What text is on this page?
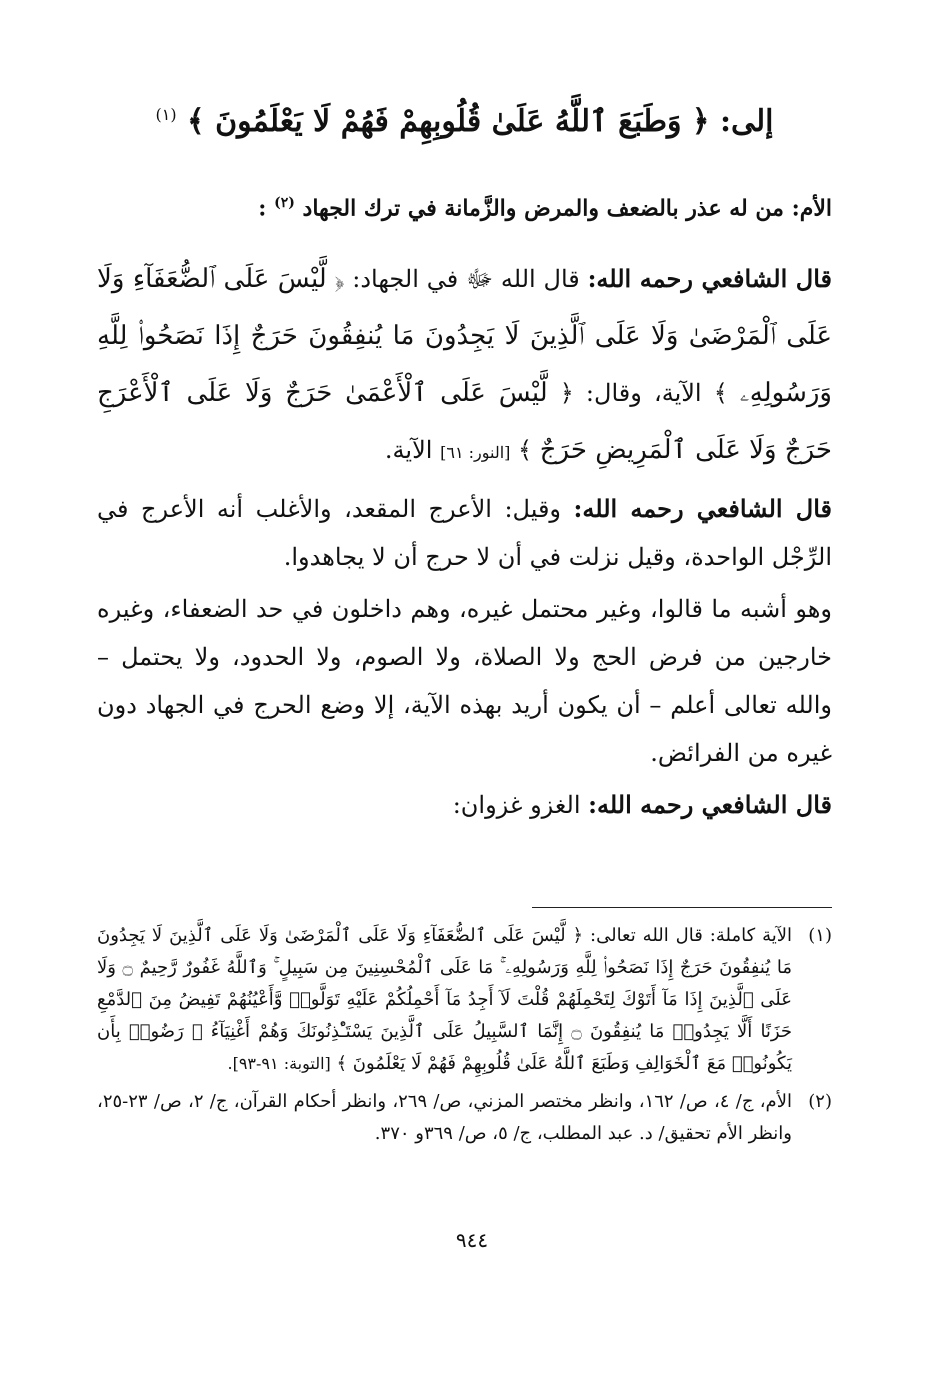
إلى: ﴿ وَطَبَعَ ٱللَّهُ عَلَىٰ قُلُوبِهِمْ فَهُمْ لَا يَعْلَمُونَ ﴾ $^{(١)}$
الأم: من له عذر بالضعف والمرض والزَّمانة في ترك الجهاد $^{(٢)}$ :

قال الشافعي رحمه الله: قال الله ﷻ في الجهاد: ﴿ لَّيْسَ عَلَى ٱلضُّعَفَآءِ وَلَا عَلَى ٱلْمَرْضَىٰ وَلَا عَلَى ٱلَّذِينَ لَا يَجِدُونَ مَا يُنفِقُونَ حَرَجٌ إِذَا نَصَحُوا۟ لِلَّهِ وَرَسُولِهِۦ ﴾ الآية، وقال: ﴿ لَّيْسَ عَلَى ٱلْأَعْمَىٰ حَرَجٌ وَلَا عَلَى ٱلْأَعْرَجِ حَرَجٌ وَلَا عَلَى ٱلْمَرِيضِ حَرَجٌ ﴾ [النور: ٦١] الآية.

قال الشافعي رحمه الله: وقيل: الأعرج المقعد، والأغلب أنه الأعرج في الرِّجْل الواحدة، وقيل نزلت في أن لا حرج أن لا يجاهدوا.

وهو أشبه ما قالوا، وغير محتمل غيره، وهم داخلون في حد الضعفاء، وغيره خارجين من فرض الحج ولا الصلاة، ولا الصوم، ولا الحدود، ولا يحتمل – والله تعالى أعلم – أن يكون أريد بهذه الآية، إلا وضع الحرج في الجهاد دون غيره من الفرائض.

قال الشافعي رحمه الله: الغزو غزوان:

(١)
الآية كاملة: قال الله تعالى: ﴿ لَّيْسَ عَلَى ٱلضُّعَفَآءِ وَلَا عَلَى ٱلْمَرْضَىٰ وَلَا عَلَى ٱلَّذِينَ لَا يَجِدُونَ مَا يُنفِقُونَ حَرَجٌ إِذَا نَصَحُوا۟ لِلَّهِ وَرَسُولِهِۦ ۚ مَا عَلَى ٱلْمُحْسِنِينَ مِن سَبِيلٍ ۚ وَٱللَّهُ غَفُورٌ رَّحِيمٌ ۝ وَلَا عَلَى ٱلَّذِينَ إِذَا مَآ أَتَوْكَ لِتَحْمِلَهُمْ قُلْتَ لَآ أَجِدُ مَآ أَحْمِلُكُمْ عَلَيْهِ تَوَلَّوا۟ وَّأَعْيُنُهُمْ تَفِيضُ مِنَ ٱلدَّمْعِ حَزَنًا أَلَّا يَجِدُوا۟ مَا يُنفِقُونَ ۝ إِنَّمَا ٱلسَّبِيلُ عَلَى ٱلَّذِينَ يَسْتَـْٔذِنُونَكَ وَهُمْ أَغْنِيَآءُ ۚ رَضُوا۟ بِأَن يَكُونُوا۟ مَعَ ٱلْخَوَالِفِ وَطَبَعَ ٱللَّهُ عَلَىٰ قُلُوبِهِمْ فَهُمْ لَا يَعْلَمُونَ ﴾ [التوبة: ٩١-٩٣].
(٢)
الأم، ج/ ٤، ص/ ١٦٢، وانظر مختصر المزني، ص/ ٢٦٩، وانظر أحكام القرآن، ج/ ٢، ص/ ٢٣-٢٥، وانظر الأم تحقيق/ د. عبد المطلب، ج/ ٥، ص/ ٣٦٩و ٣٧٠.
٩٤٤
